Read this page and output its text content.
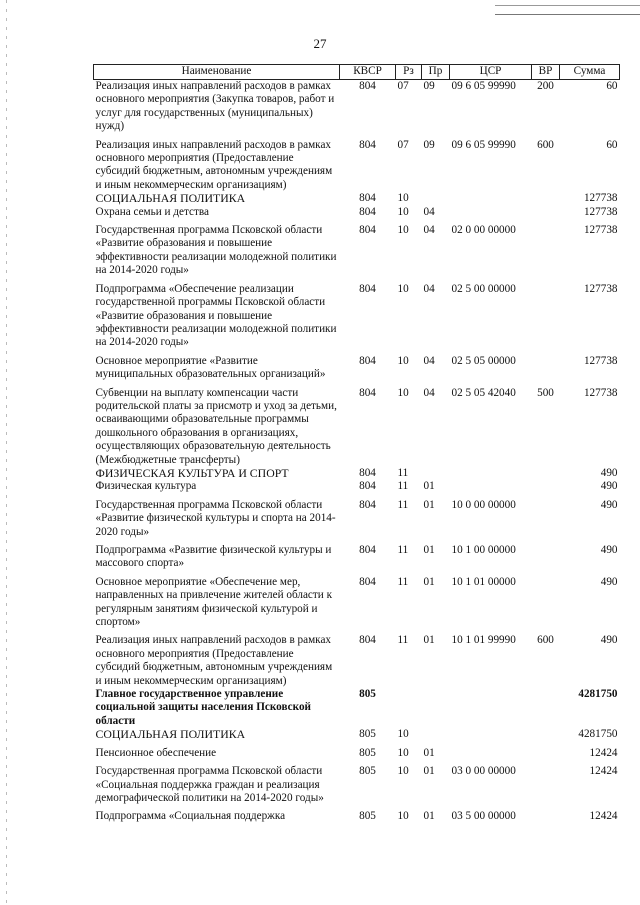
27
Наименование	КВСР	Рз	Пр	ЦСР	ВР	Сумма
Реализация иных направлений расходов в рамках основного мероприятия (Закупка товаров, работ и услуг для государственных (муниципальных) нужд)	804	07	09	09 6 05 99990	200	60
Реализация иных направлений расходов в рамках основного мероприятия (Предоставление субсидий бюджетным, автономным учреждениям и иным некоммерческим организациям)	804	07	09	09 6 05 99990	600	60
СОЦИАЛЬНАЯ ПОЛИТИКА	804	10				127738
Охрана семьи и детства	804	10	04			127738
Государственная программа Псковской области «Развитие образования и повышение эффективности реализации молодежной политики на 2014-2020 годы»	804	10	04	02 0 00 00000		127738
Подпрограмма «Обеспечение реализации государственной программы Псковской области «Развитие образования и повышение эффективности реализации молодежной политики на 2014-2020 годы»	804	10	04	02 5 00 00000		127738
Основное мероприятие «Развитие муниципальных образовательных организаций»	804	10	04	02 5 05 00000		127738
Субвенции на выплату компенсации части родительской платы за присмотр и уход за детьми, осваивающими образовательные программы дошкольного образования в организациях, осуществляющих образовательную деятельность (Межбюджетные трансферты)	804	10	04	02 5 05 42040	500	127738
ФИЗИЧЕСКАЯ КУЛЬТУРА И СПОРТ	804	11				490
Физическая культура	804	11	01			490
Государственная программа Псковской области «Развитие физической культуры и спорта на 2014-2020 годы»	804	11	01	10 0 00 00000		490
Подпрограмма «Развитие физической культуры и массового спорта»	804	11	01	10 1 00 00000		490
Основное мероприятие «Обеспечение мер, направленных на привлечение жителей области к регулярным занятиям физической культурой и спортом»	804	11	01	10 1 01 00000		490
Реализация иных направлений расходов в рамках основного мероприятия (Предоставление субсидий бюджетным, автономным учреждениям и иным некоммерческим организациям)	804	11	01	10 1 01 99990	600	490
Главное государственное управление социальной защиты населения Псковской области	805					4281750
СОЦИАЛЬНАЯ ПОЛИТИКА	805	10				4281750
Пенсионное обеспечение	805	10	01			12424
Государственная программа Псковской области «Социальная поддержка граждан и реализация демографической политики на 2014-2020 годы»	805	10	01	03 0 00 00000		12424
Подпрограмма «Социальная поддержка	805	10	01	03 5 00 00000		12424
